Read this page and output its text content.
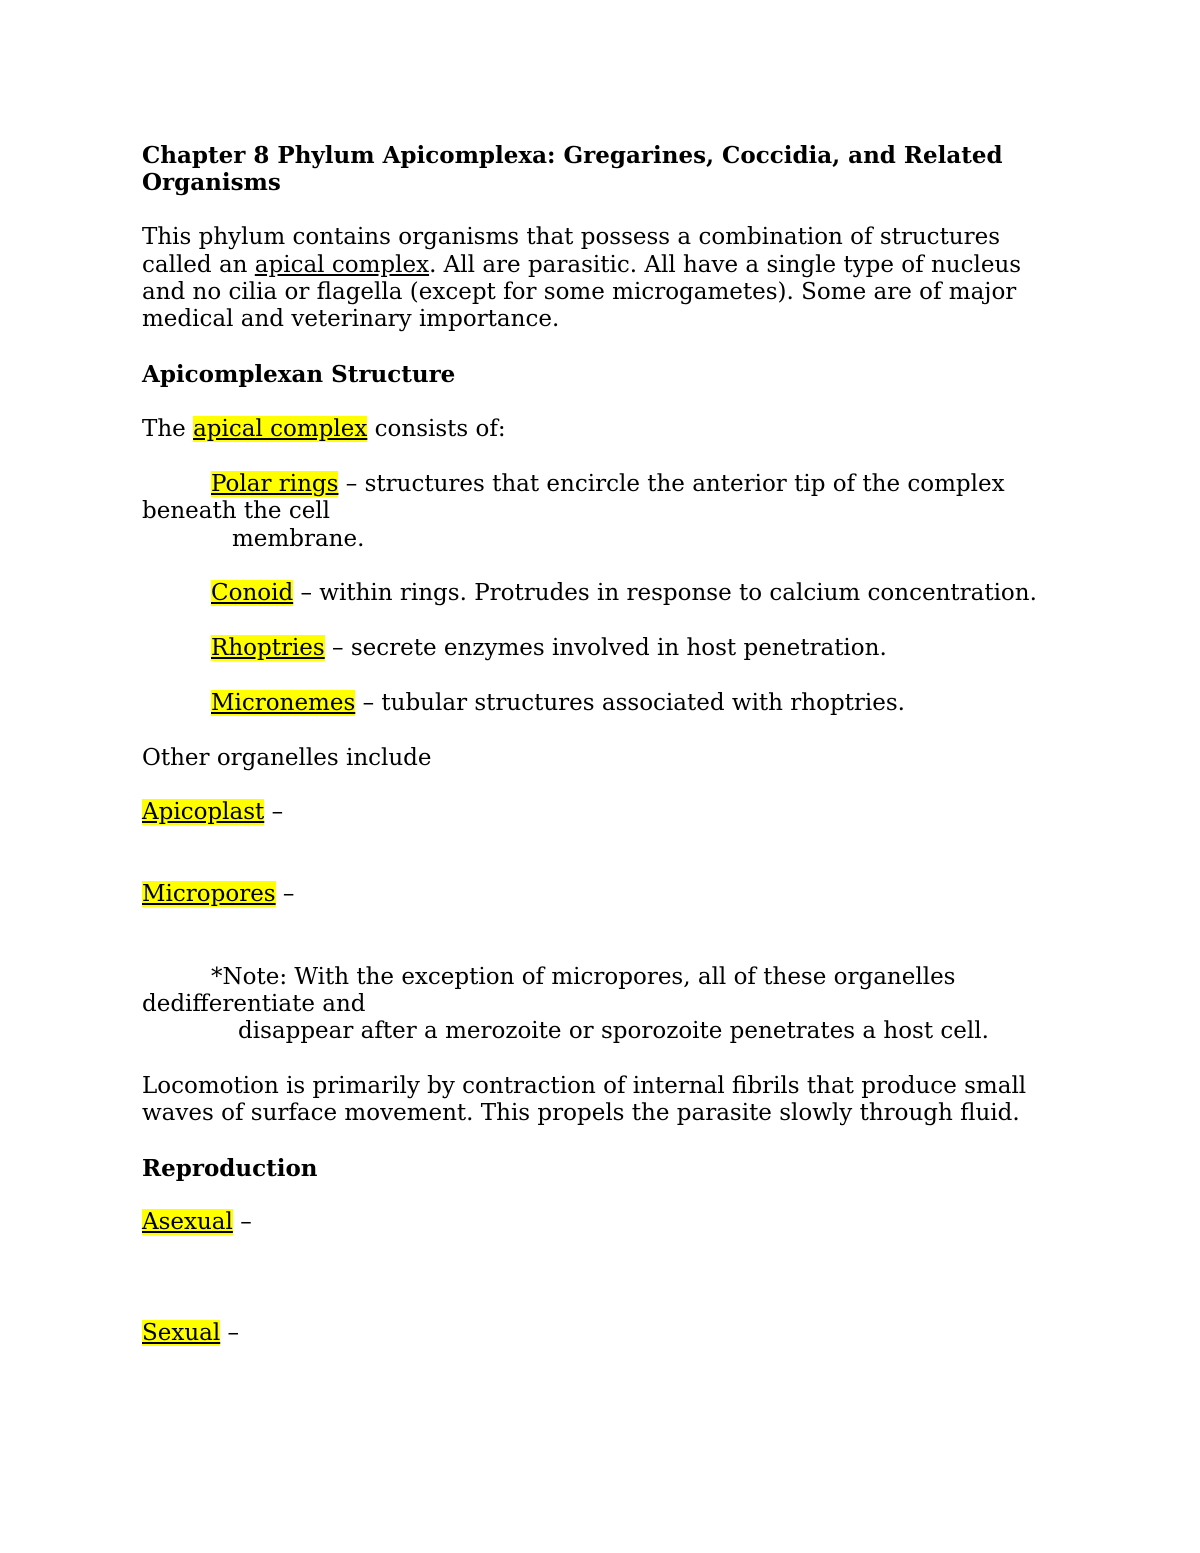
Chapter 8 Phylum Apicomplexa: Gregarines, Coccidia, and Related

Organisms

This phylum contains organisms that possess a combination of structures

called an apical complex. All are parasitic. All have a single type of nucleus

and no cilia or flagella (except for some microgametes). Some are of major

medical and veterinary importance.

Apicomplexan Structure

The apical complex consists of:

Polar rings – structures that encircle the anterior tip of the complex

beneath the cell

membrane.

Conoid – within rings. Protrudes in response to calcium concentration.

Rhoptries – secrete enzymes involved in host penetration.

Micronemes – tubular structures associated with rhoptries.

Other organelles include

Apicoplast –

Micropores –

*Note: With the exception of micropores, all of these organelles

dedifferentiate and

disappear after a merozoite or sporozoite penetrates a host cell.

Locomotion is primarily by contraction of internal fibrils that produce small

waves of surface movement. This propels the parasite slowly through fluid.

Reproduction

Asexual –

Sexual –
